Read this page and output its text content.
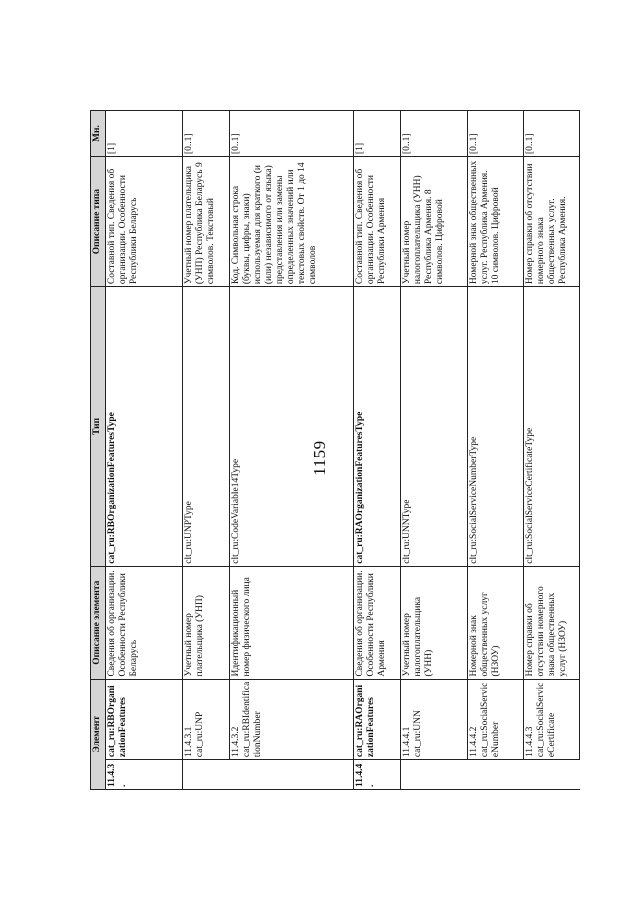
1159
Элемент		Описание элемента	Тип	Описание типа	Мн.
11.4.3.	cat_ru:RBOrganizationFeatures	Сведения об организации. Особенности Республики Беларусь	cat_ru:RBOrganizationFeaturesType	Составной тип. Сведения об организации. Особенности Республики Беларусь	[1]
	11.4.3.1 cat_ru:UNP	Учетный номер плательщика (УНП)	clt_ru:UNPType	Учетный номер плательщика (УНП) Республика Беларусь 9 символов. Текстовый	[0..1]
	11.4.3.2 cat_ru:RBIdentificationNumber	Идентификационный номер физического лица	clt_ru:CodeVariable14Type	Код. Символьная строка (буквы, цифры, знаки) используемая для краткого (и (или) независимого от языка) представления или замены определенных значений или текстовых свойств. От 1 до 14 символов	[0..1]
11.4.4.	cat_ru:RAOrganizationFeatures	Сведения об организации. Особенности Республики Армения	cat_ru:RAOrganizationFeaturesType	Составной тип. Сведения об организации. Особенности Республики Армения	[1]
	11.4.4.1 cat_ru:UNN	Учетный номер налогоплательщика (УНН)	clt_ru:UNNType	Учетный номер налогоплательщика (УНН) Республика Армения. 8 символов. Цифровой	[0..1]
	11.4.4.2 cat_ru:SocialServiceNumber	Номерной знак общественных услуг (НЗОУ)	clt_ru:SocialServiceNumberType	Номерной знак общественных услуг. Республика Армения. 10 символов. Цифровой	[0..1]
	11.4.4.3 cat_ru:SocialServiceCertificate	Номер справки об отсутствии номерного знака общественных услуг (НЗОУ)	clt_ru:SocialServiceCertificateType	Номер справки об отсутствии номерного знака общественных услуг. Республика Армения.	[0..1]
